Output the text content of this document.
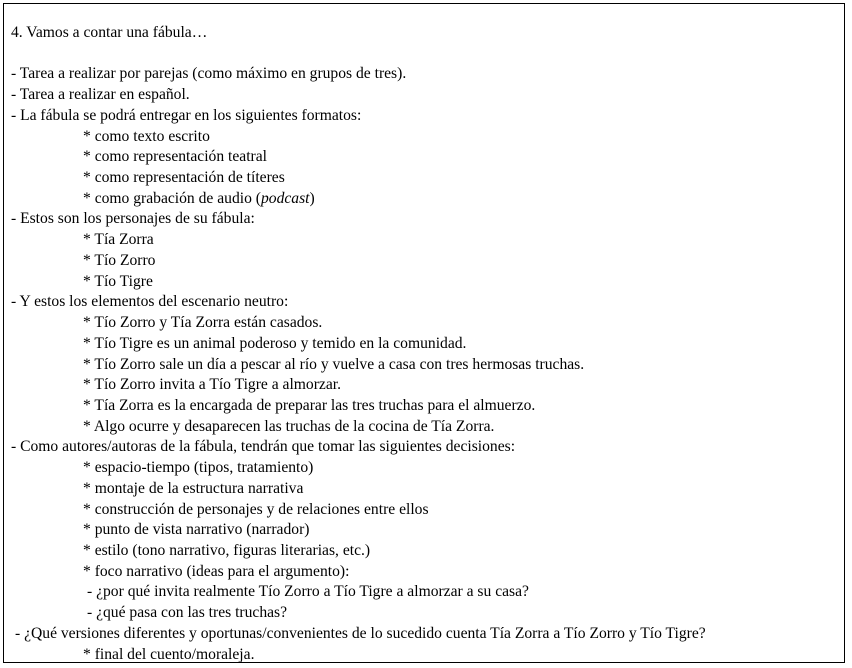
4. Vamos a contar una fábula…
- Tarea a realizar por parejas (como máximo en grupos de tres).
- Tarea a realizar en español.
- La fábula se podrá entregar en los siguientes formatos:
* como texto escrito
* como representación teatral
* como representación de títeres
* como grabación de audio (podcast)
- Estos son los personajes de su fábula:
* Tía Zorra
* Tío Zorro
* Tío Tigre
- Y estos los elementos del escenario neutro:
* Tío Zorro y Tía Zorra están casados.
* Tío Tigre es un animal poderoso y temido en la comunidad.
* Tío Zorro sale un día a pescar al río y vuelve a casa con tres hermosas truchas.
* Tío Zorro invita a Tío Tigre a almorzar.
* Tía Zorra es la encargada de preparar las tres truchas para el almuerzo.
* Algo ocurre y desaparecen las truchas de la cocina de Tía Zorra.
- Como autores/autoras de la fábula, tendrán que tomar las siguientes decisiones:
* espacio-tiempo (tipos, tratamiento)
* montaje de la estructura narrativa
* construcción de personajes y de relaciones entre ellos
* punto de vista narrativo (narrador)
* estilo (tono narrativo, figuras literarias, etc.)
* foco narrativo (ideas para el argumento):
- ¿por qué invita realmente Tío Zorro a Tío Tigre a almorzar a su casa?
- ¿qué pasa con las tres truchas?
- ¿Qué versiones diferentes y oportunas/convenientes de lo sucedido cuenta Tía Zorra a Tío Zorro y Tío Tigre?
* final del cuento/moraleja.
